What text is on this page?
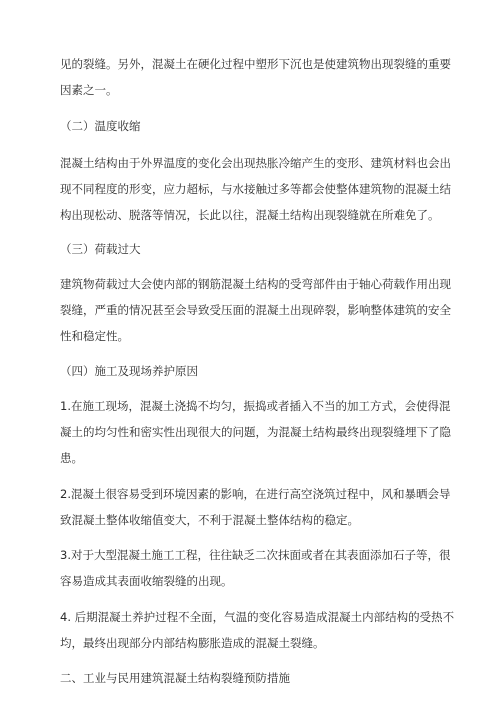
见的裂缝。另外，混凝土在硬化过程中塑形下沉也是使建筑物出现裂缝的重要
因素之一。
（二）温度收缩
混凝土结构由于外界温度的变化会出现热胀冷缩产生的变形、建筑材料也会出
现不同程度的形变，应力超标，与水接触过多等都会使整体建筑物的混凝土结
构出现松动、脱落等情况，长此以往，混凝土结构出现裂缝就在所难免了。
（三）荷载过大
建筑物荷载过大会使内部的钢筋混凝土结构的受弯部件由于轴心荷载作用出现
裂缝，严重的情况甚至会导致受压面的混凝土出现碎裂，影响整体建筑的安全
性和稳定性。
（四）施工及现场养护原因
1.在施工现场，混凝土浇捣不均匀，振捣或者插入不当的加工方式，会使得混
凝土的均匀性和密实性出现很大的问题，为混凝土结构最终出现裂缝埋下了隐
患。
2.混凝土很容易受到环境因素的影响，在进行高空浇筑过程中，风和暴晒会导
致混凝土整体收缩值变大，不利于混凝土整体结构的稳定。
3.对于大型混凝土施工工程，往往缺乏二次抹面或者在其表面添加石子等，很
容易造成其表面收缩裂缝的出现。
4. 后期混凝土养护过程不全面，气温的变化容易造成混凝土内部结构的受热不
均，最终出现部分内部结构膨胀造成的混凝土裂缝。
二、工业与民用建筑混凝土结构裂缝预防措施
